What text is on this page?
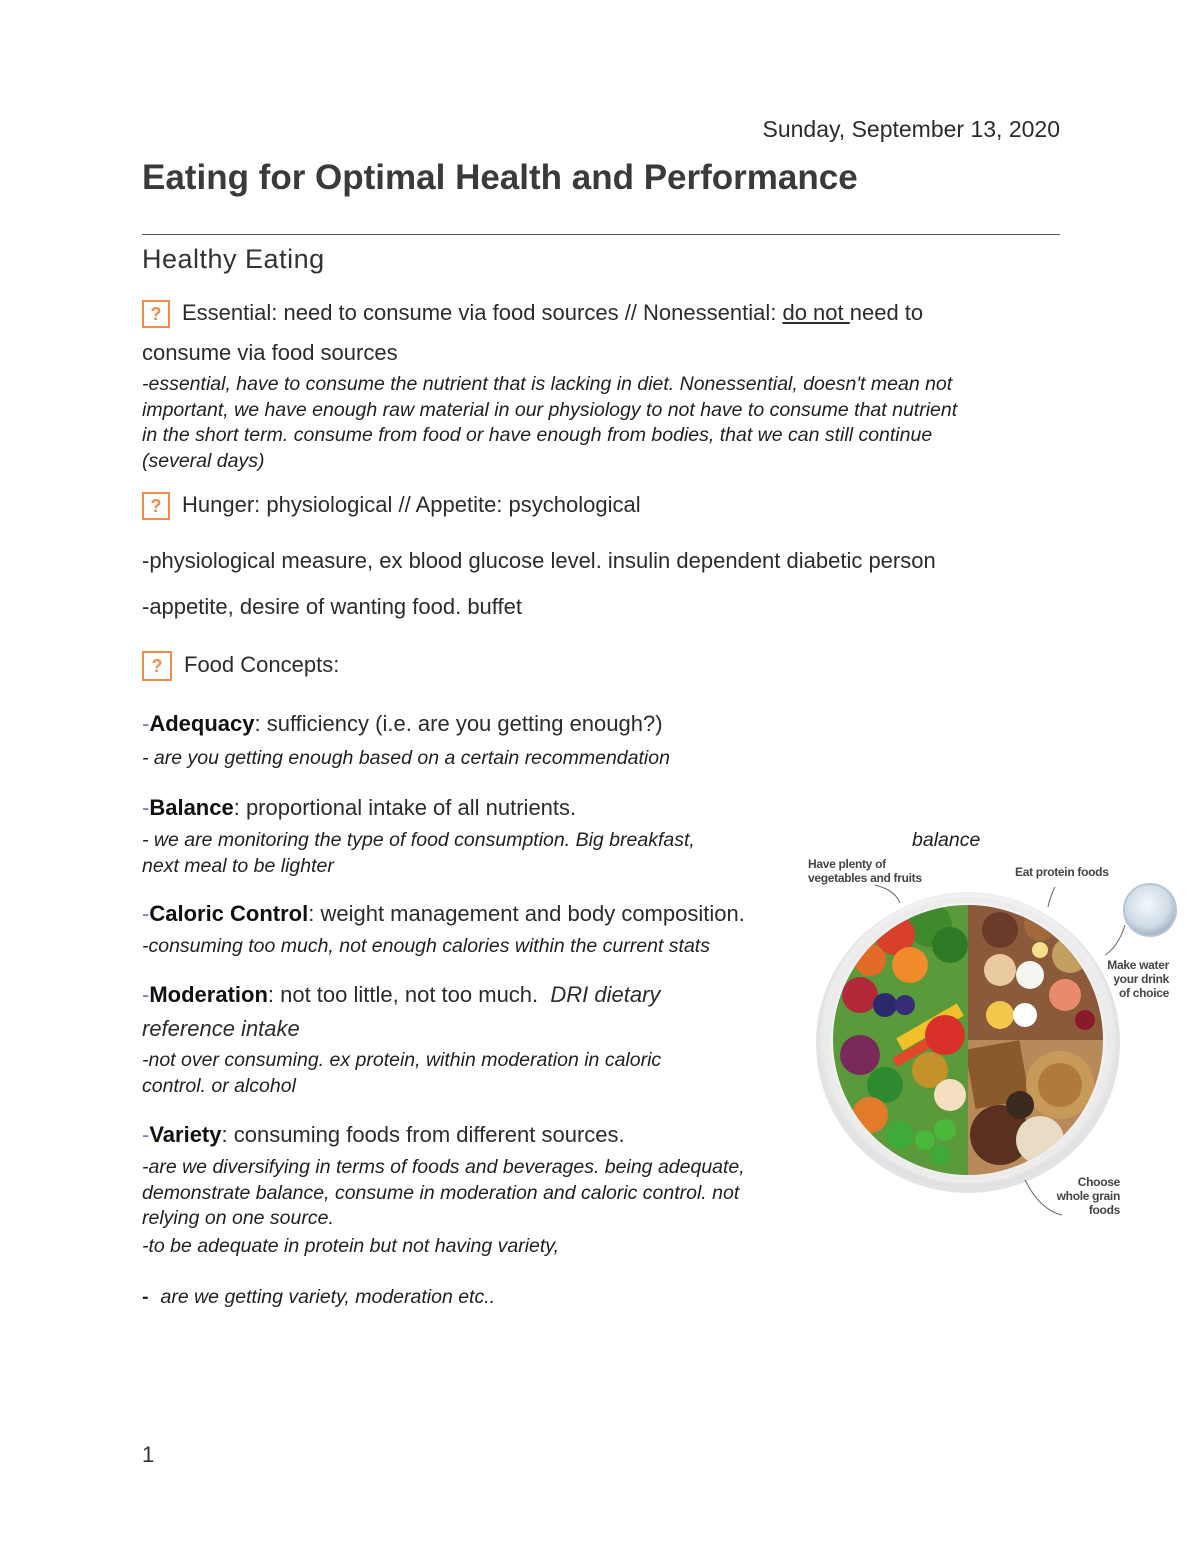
Sunday, September 13, 2020
Eating for Optimal Health and Performance
Healthy Eating
? Essential: need to consume via food sources // Nonessential: do not need to
consume via food sources
-essential, have to consume the nutrient that is lacking in diet. Nonessential, doesn't mean not
important, we have enough raw material in our physiology to not have to consume that nutrient
in the short term. consume from food or have enough from bodies, that we can still continue
(several days)
? Hunger: physiological // Appetite: psychological
-physiological measure, ex blood glucose level. insulin dependent diabetic person
-appetite, desire of wanting food. buffet
? Food Concepts:
-Adequacy: sufficiency (i.e. are you getting enough?)
- are you getting enough based on a certain recommendation
-Balance: proportional intake of all nutrients.
- we are monitoring the type of food consumption. Big breakfast,
next meal to be lighter
balance
-Caloric Control: weight management and body composition.
-consuming too much, not enough calories within the current stats
-Moderation: not too little, not too much.  DRI dietary
reference intake
-not over consuming. ex protein, within moderation in caloric
control. or alcohol
-Variety: consuming foods from different sources.
-are we diversifying in terms of foods and beverages. being adequate,
demonstrate balance, consume in moderation and caloric control. not
relying on one source.
-to be adequate in protein but not having variety,
- are we getting variety, moderation etc..
Have plenty of
vegetables and fruits	Eat protein foods
Make water
your drink
of choice
Choose
whole grain
foods
1
